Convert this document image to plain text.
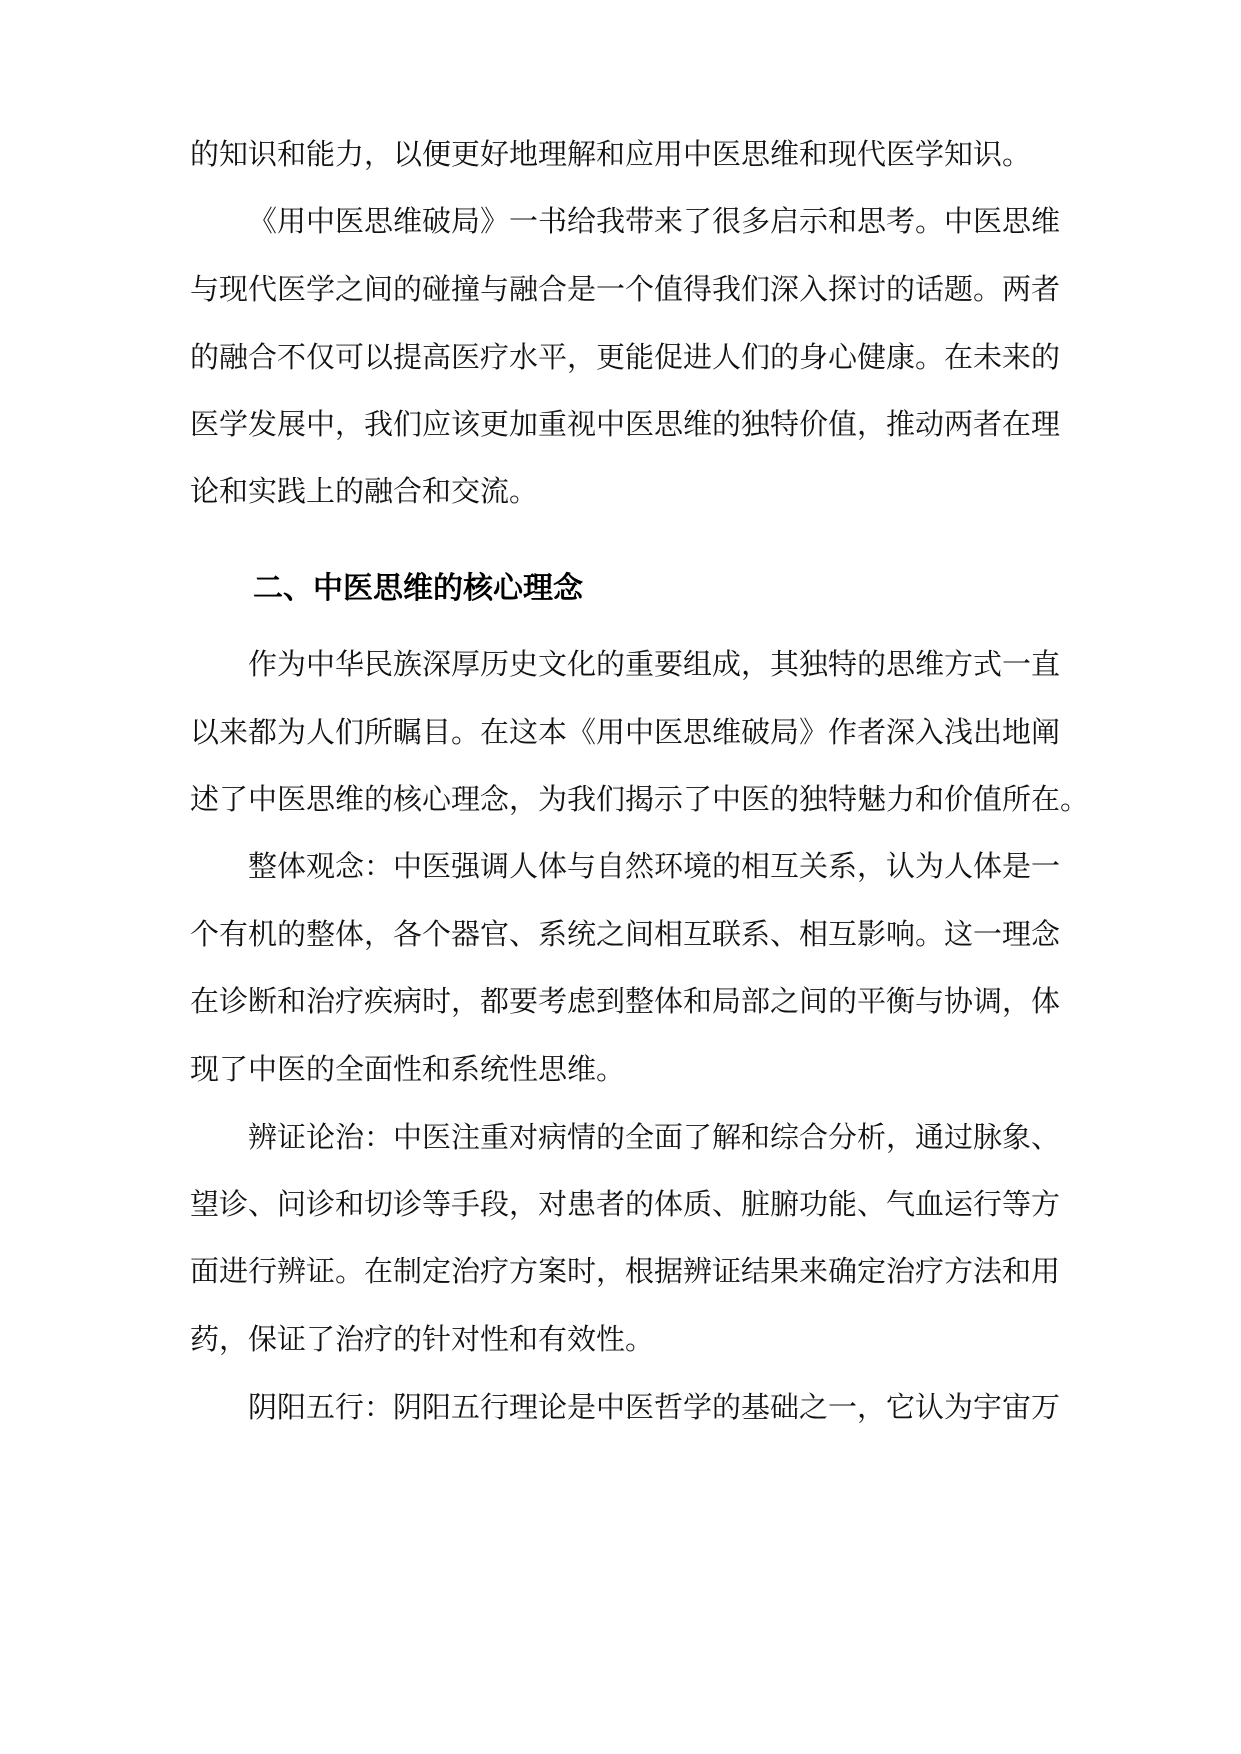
的知识和能力，以便更好地理解和应用中医思维和现代医学知识。
《用中医思维破局》一书给我带来了很多启示和思考。中医思维
与现代医学之间的碰撞与融合是一个值得我们深入探讨的话题。两者
的融合不仅可以提高医疗水平，更能促进人们的身心健康。在未来的
医学发展中，我们应该更加重视中医思维的独特价值，推动两者在理
论和实践上的融合和交流。
二、中医思维的核心理念
作为中华民族深厚历史文化的重要组成，其独特的思维方式一直
以来都为人们所瞩目。在这本《用中医思维破局》作者深入浅出地阐
述了中医思维的核心理念，为我们揭示了中医的独特魅力和价值所在。
整体观念：中医强调人体与自然环境的相互关系，认为人体是一
个有机的整体，各个器官、系统之间相互联系、相互影响。这一理念
在诊断和治疗疾病时，都要考虑到整体和局部之间的平衡与协调，体
现了中医的全面性和系统性思维。
辨证论治：中医注重对病情的全面了解和综合分析，通过脉象、
望诊、问诊和切诊等手段，对患者的体质、脏腑功能、气血运行等方
面进行辨证。在制定治疗方案时，根据辨证结果来确定治疗方法和用
药，保证了治疗的针对性和有效性。
阴阳五行：阴阳五行理论是中医哲学的基础之一，它认为宇宙万
